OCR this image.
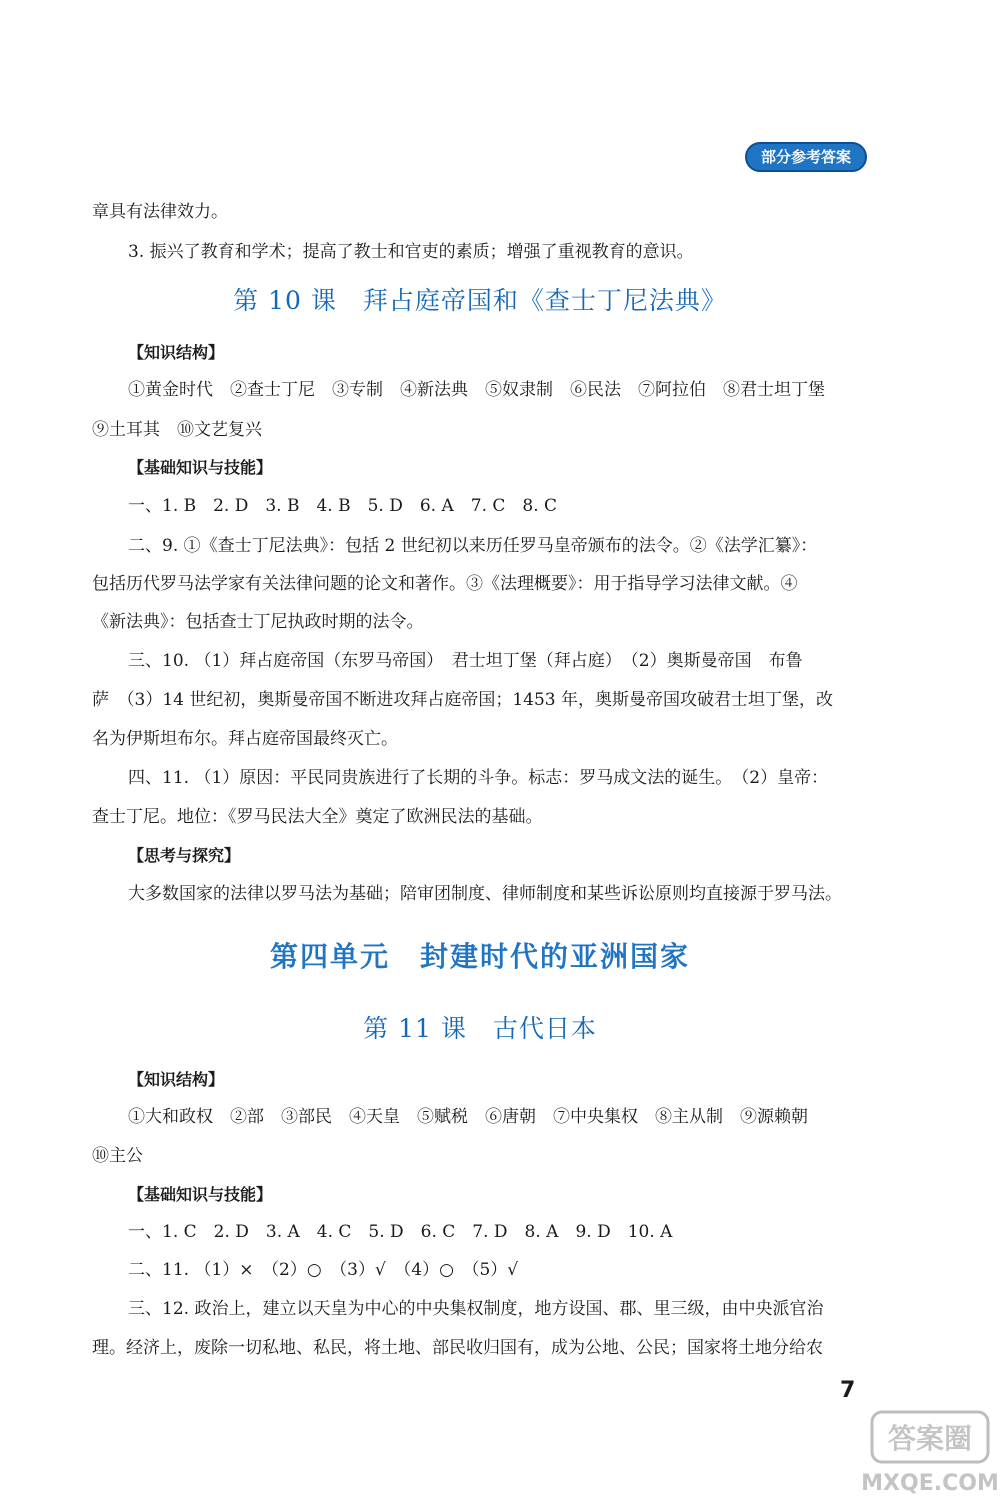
部分参考答案
章具有法律效力。
3. 振兴了教育和学术；提高了教士和官吏的素质；增强了重视教育的意识。
第 10 课　拜占庭帝国和《查士丁尼法典》
【知识结构】
①黄金时代　②查士丁尼　③专制　④新法典　⑤奴隶制　⑥民法　⑦阿拉伯　⑧君士坦丁堡
⑨土耳其　⑩文艺复兴
【基础知识与技能】
一、1. B　2. D　3. B　4. B　5. D　6. A　7. C　8. C
二、9. ①《查士丁尼法典》：包括 2 世纪初以来历任罗马皇帝颁布的法令。②《法学汇纂》：
包括历代罗马法学家有关法律问题的论文和著作。③《法理概要》：用于指导学习法律文献。④
《新法典》：包括查士丁尼执政时期的法令。
三、10. （1）拜占庭帝国（东罗马帝国）　君士坦丁堡（拜占庭）　（2）奥斯曼帝国　布鲁
萨　（3）14 世纪初，奥斯曼帝国不断进攻拜占庭帝国；1453 年，奥斯曼帝国攻破君士坦丁堡，改
名为伊斯坦布尔。拜占庭帝国最终灭亡。
四、11. （1）原因：平民同贵族进行了长期的斗争。标志：罗马成文法的诞生。　（2）皇帝：
查士丁尼。地位：《罗马民法大全》奠定了欧洲民法的基础。
【思考与探究】
大多数国家的法律以罗马法为基础；陪审团制度、律师制度和某些诉讼原则均直接源于罗马法。
第四单元　封建时代的亚洲国家
第 11 课　古代日本
【知识结构】
①大和政权　②部　③部民　④天皇　⑤赋税　⑥唐朝　⑦中央集权　⑧主从制　⑨源赖朝
⑩主公
【基础知识与技能】
一、1. C　2. D　3. A　4. C　5. D　6. C　7. D　8. A　9. D　10. A
二、11. （1）×　（2）○　（3）√　（4）○　（5）√
三、12. 政治上，建立以天皇为中心的中央集权制度，地方设国、郡、里三级，由中央派官治
理。经济上，废除一切私地、私民，将土地、部民收归国有，成为公地、公民；国家将土地分给农
7
答案圈
MXQE.COM
